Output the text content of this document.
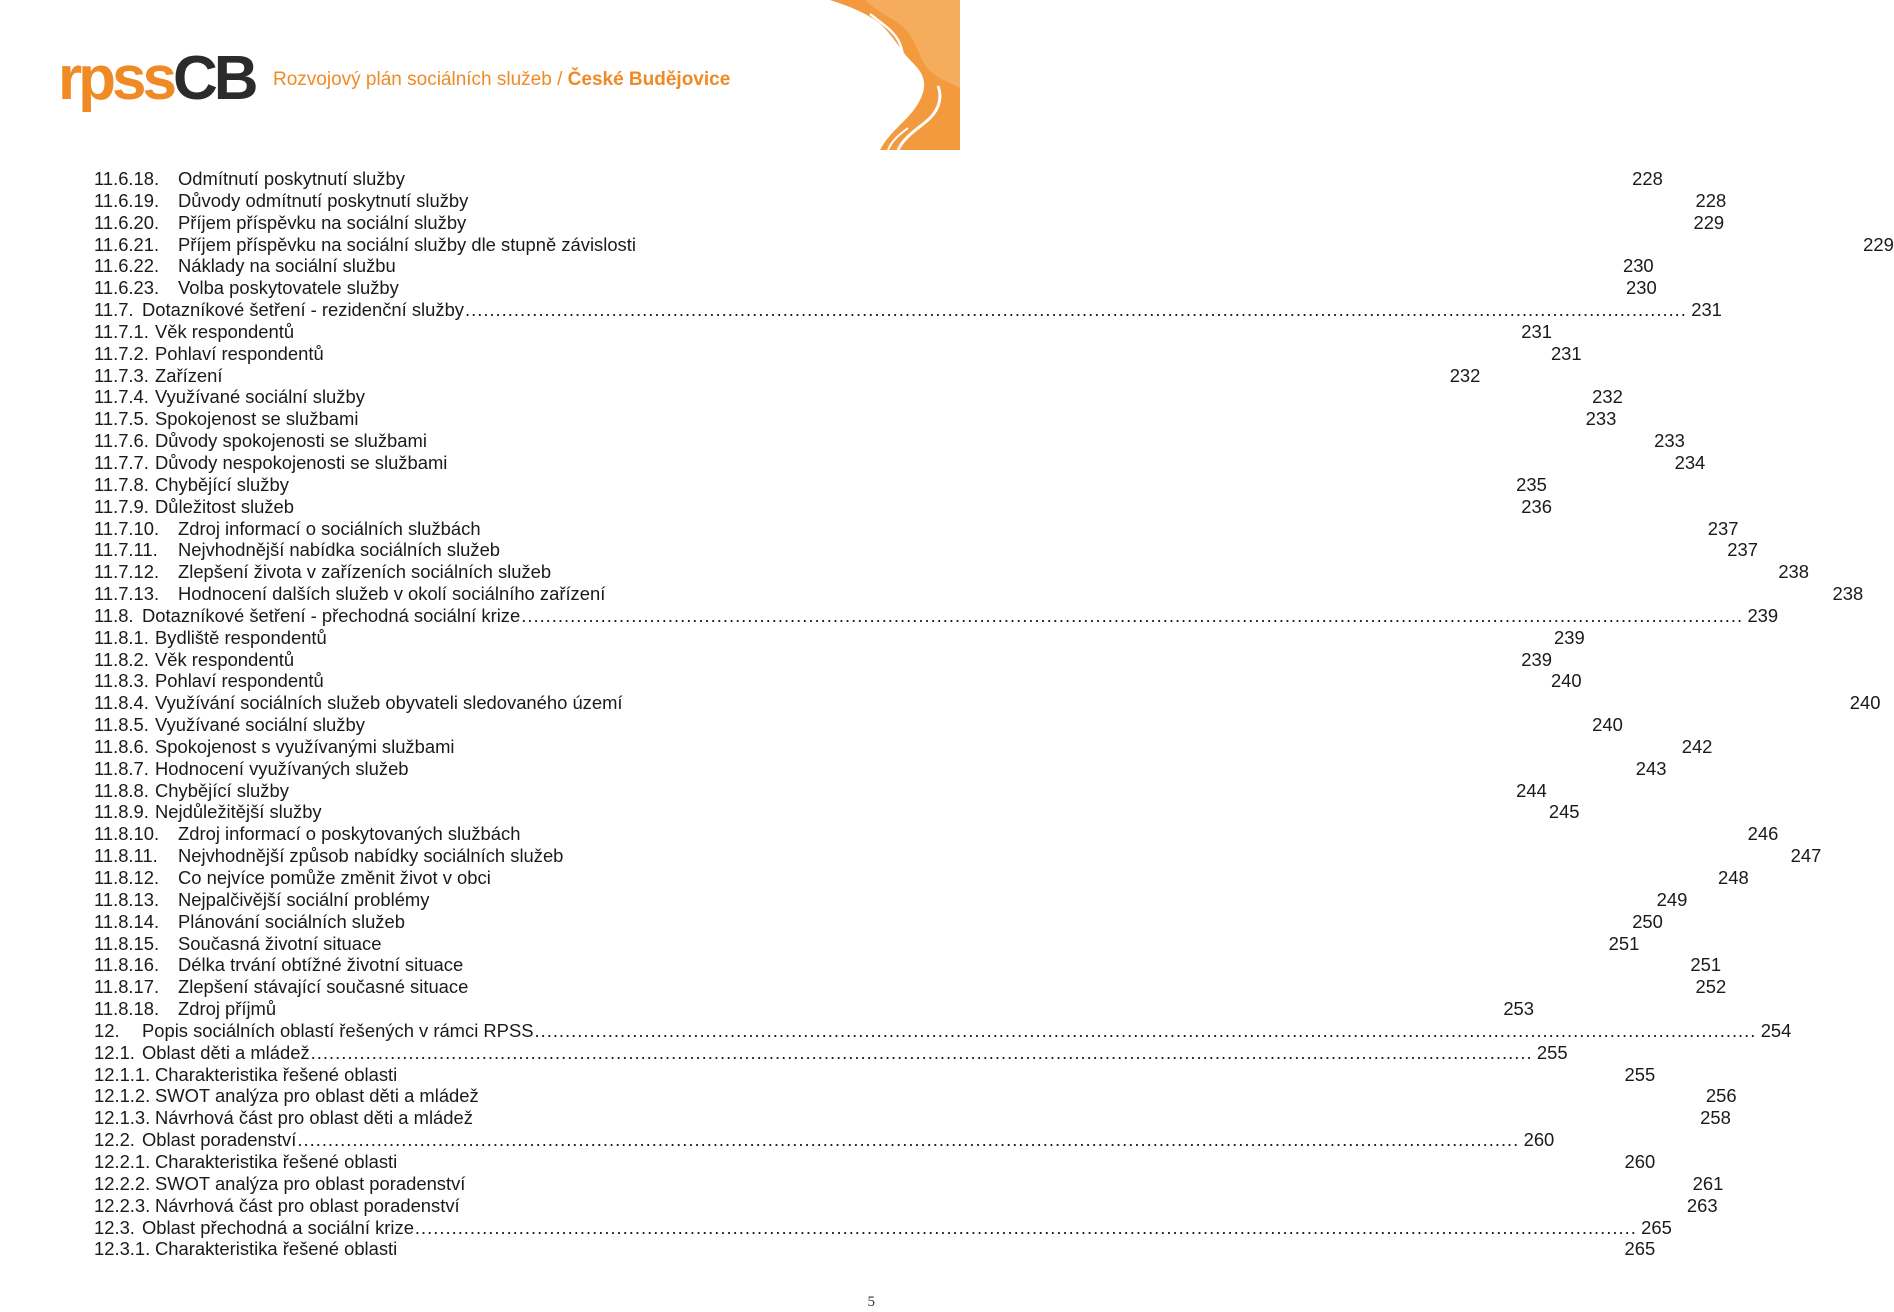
rpssCB Rozvojový plán sociálních služeb / České Budějovice
11.6.18.	Odmítnutí poskytnutí služby	228
11.6.19.	Důvody odmítnutí poskytnutí služby	228
11.6.20.	Příjem příspěvku na sociální služby	229
11.6.21.	Příjem příspěvku na sociální služby dle stupně závislosti	229
11.6.22.	Náklady na sociální službu	230
11.6.23.	Volba poskytovatele služby	230
11.7. Dotazníkové šetření - rezidenční služby ........................................................................................................................................................................................................ 231
11.7.1. Věk respondentů	231
11.7.2. Pohlaví respondentů	231
11.7.3. Zařízení	232
11.7.4. Využívané sociální služby	232
11.7.5. Spokojenost se službami	233
11.7.6. Důvody spokojenosti se službami	233
11.7.7. Důvody nespokojenosti se službami	234
11.7.8. Chybějící služby	235
11.7.9. Důležitost služeb	236
11.7.10.	Zdroj informací o sociálních službách	237
11.7.11.	Nejvhodnější nabídka sociálních služeb	237
11.7.12.	Zlepšení života v zařízeních sociálních služeb	238
11.7.13.	Hodnocení dalších služeb v okolí sociálního zařízení	238
11.8. Dotazníkové šetření - přechodná sociální krize ........................................................................................................................................................................................................ 239
11.8.1. Bydliště respondentů	239
11.8.2. Věk respondentů	239
11.8.3. Pohlaví respondentů	240
11.8.4. Využívání sociálních služeb obyvateli sledovaného území	240
11.8.5. Využívané sociální služby	240
11.8.6. Spokojenost s využívanými službami	242
11.8.7. Hodnocení využívaných služeb	243
11.8.8. Chybějící služby	244
11.8.9. Nejdůležitější služby	245
11.8.10.	Zdroj informací o poskytovaných službách	246
11.8.11.	Nejvhodnější způsob nabídky sociálních služeb	247
11.8.12.	Co nejvíce pomůže změnit život v obci	248
11.8.13.	Nejpalčivější sociální problémy	249
11.8.14.	Plánování sociálních služeb	250
11.8.15.	Současná životní situace	251
11.8.16.	Délka trvání obtížné životní situace	251
11.8.17.	Zlepšení stávající současné situace	252
11.8.18.	Zdroj příjmů	253
12.	Popis sociálních oblastí řešených v rámci RPSS ........................................................................................................................................................................................................ 254
12.1. Oblast děti a mládež ........................................................................................................................................................................................................ 255
12.1.1. Charakteristika řešené oblasti	255
12.1.2. SWOT analýza pro oblast děti a mládež	256
12.1.3. Návrhová část pro oblast děti a mládež	258
12.2. Oblast poradenství ........................................................................................................................................................................................................ 260
12.2.1. Charakteristika řešené oblasti	260
12.2.2. SWOT analýza pro oblast poradenství	261
12.2.3. Návrhová část pro oblast poradenství	263
12.3. Oblast přechodná a sociální krize ........................................................................................................................................................................................................ 265
12.3.1. Charakteristika řešené oblasti	265
5
